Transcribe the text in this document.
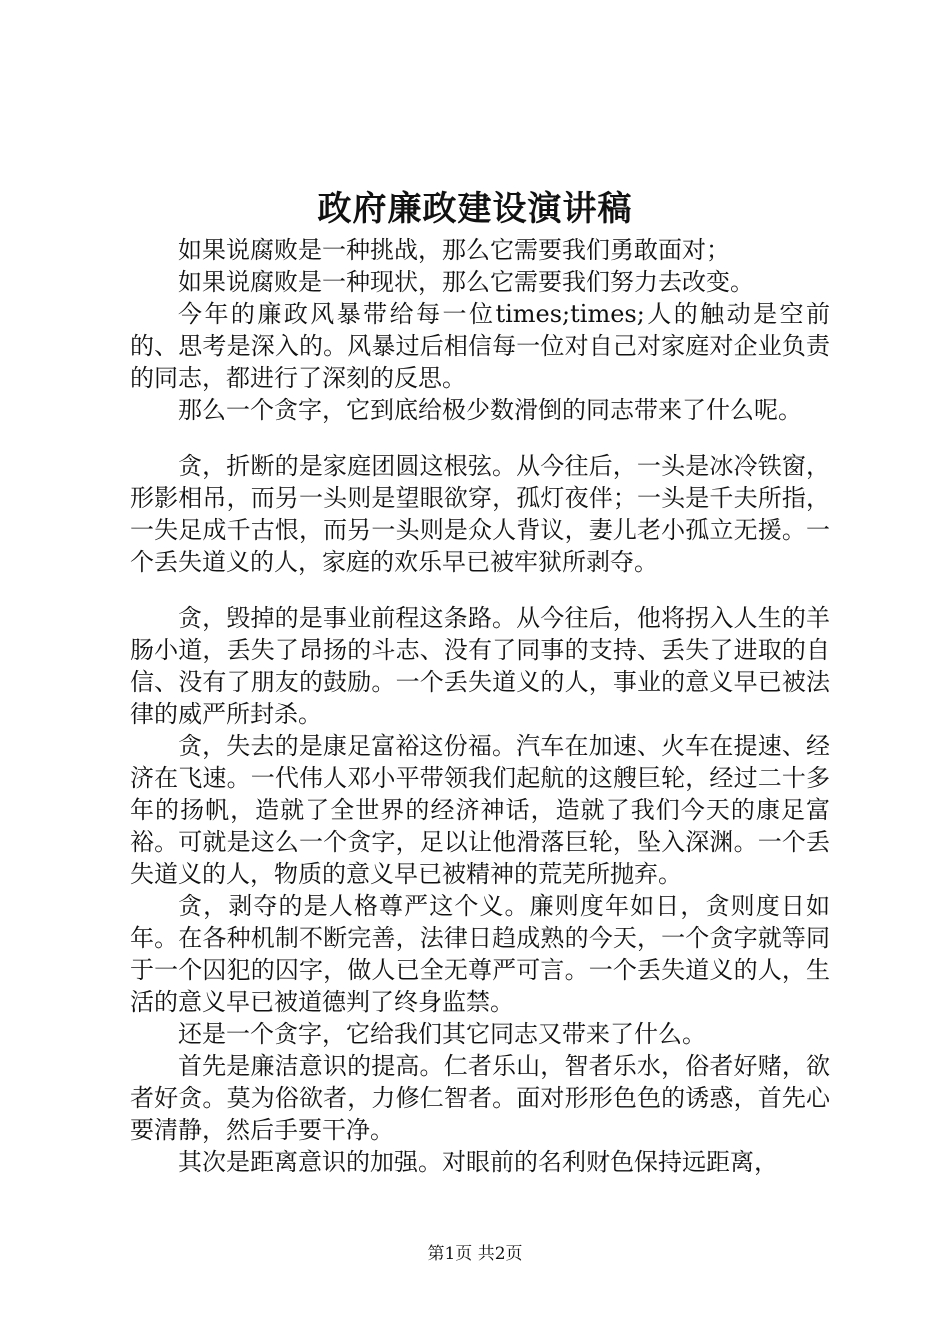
政府廉政建设演讲稿

如果说腐败是一种挑战，那么它需要我们勇敢面对；

如果说腐败是一种现状，那么它需要我们努力去改变。

今年的廉政风暴带给每一位times;times;人的触动是空前的、思考是深入的。风暴过后相信每一位对自己对家庭对企业负责的同志，都进行了深刻的反思。

那么一个贪字，它到底给极少数滑倒的同志带来了什么呢。

贪，折断的是家庭团圆这根弦。从今往后，一头是冰冷铁窗，形影相吊，而另一头则是望眼欲穿，孤灯夜伴；一头是千夫所指，一失足成千古恨，而另一头则是众人背议，妻儿老小孤立无援。一个丢失道义的人，家庭的欢乐早已被牢狱所剥夺。

贪，毁掉的是事业前程这条路。从今往后，他将拐入人生的羊肠小道，丢失了昂扬的斗志、没有了同事的支持、丢失了进取的自信、没有了朋友的鼓励。一个丢失道义的人，事业的意义早已被法律的威严所封杀。

贪，失去的是康足富裕这份福。汽车在加速、火车在提速、经济在飞速。一代伟人邓小平带领我们起航的这艘巨轮，经过二十多年的扬帆，造就了全世界的经济神话，造就了我们今天的康足富裕。可就是这么一个贪字，足以让他滑落巨轮，坠入深渊。一个丢失道义的人，物质的意义早已被精神的荒芜所抛弃。

贪，剥夺的是人格尊严这个义。廉则度年如日，贪则度日如年。在各种机制不断完善，法律日趋成熟的今天，一个贪字就等同于一个囚犯的囚字，做人已全无尊严可言。一个丢失道义的人，生活的意义早已被道德判了终身监禁。

还是一个贪字，它给我们其它同志又带来了什么。

首先是廉洁意识的提高。仁者乐山，智者乐水，俗者好赌，欲者好贪。莫为俗欲者，力修仁智者。面对形形色色的诱惑，首先心要清静，然后手要干净。

其次是距离意识的加强。对眼前的名利财色保持远距离，

第1页 共2页
